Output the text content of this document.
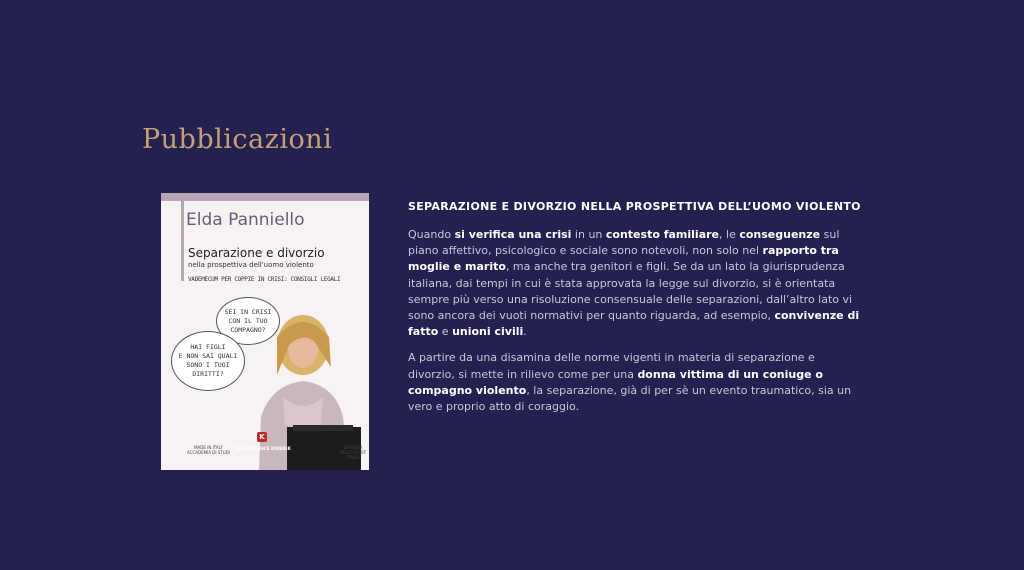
Pubblicazioni
Elda Panniello
Separazione e divorzio
nella prospettiva dell'uomo violento
VADEMECUM PER COPPIE IN CRISI: CONSIGLI LEGALI
SEI IN CRISI
CON IL TUO
COMPAGNO?
HAI FIGLI
E NON SAI QUALI
SONO I TUOI DIRITTI?
K
CASA EDITRICE KIMERIK
MADE IN ITALY
ACCADEMIA DI STUDI
OFFICINA DELLO SCRIT
ITALIA
SEPARAZIONE E DIVORZIO NELLA PROSPETTIVA DELL’UOMO VIOLENTO

Quando si verifica una crisi in un contesto familiare, le conseguenze sul piano affettivo, psicologico e sociale sono notevoli, non solo nel rapporto tra moglie e marito, ma anche tra genitori e figli. Se da un lato la giurisprudenza italiana, dai tempi in cui è stata approvata la legge sul divorzio, si è orientata sempre più verso una risoluzione consensuale delle separazioni, dall’altro lato vi sono ancora dei vuoti normativi per quanto riguarda, ad esempio, convivenze di fatto e unioni civili.

A partire da una disamina delle norme vigenti in materia di separazione e divorzio, si mette in rilievo come per una donna vittima di un coniuge o compagno violento, la separazione, già di per sè un evento traumatico, sia un vero e proprio atto di coraggio.
